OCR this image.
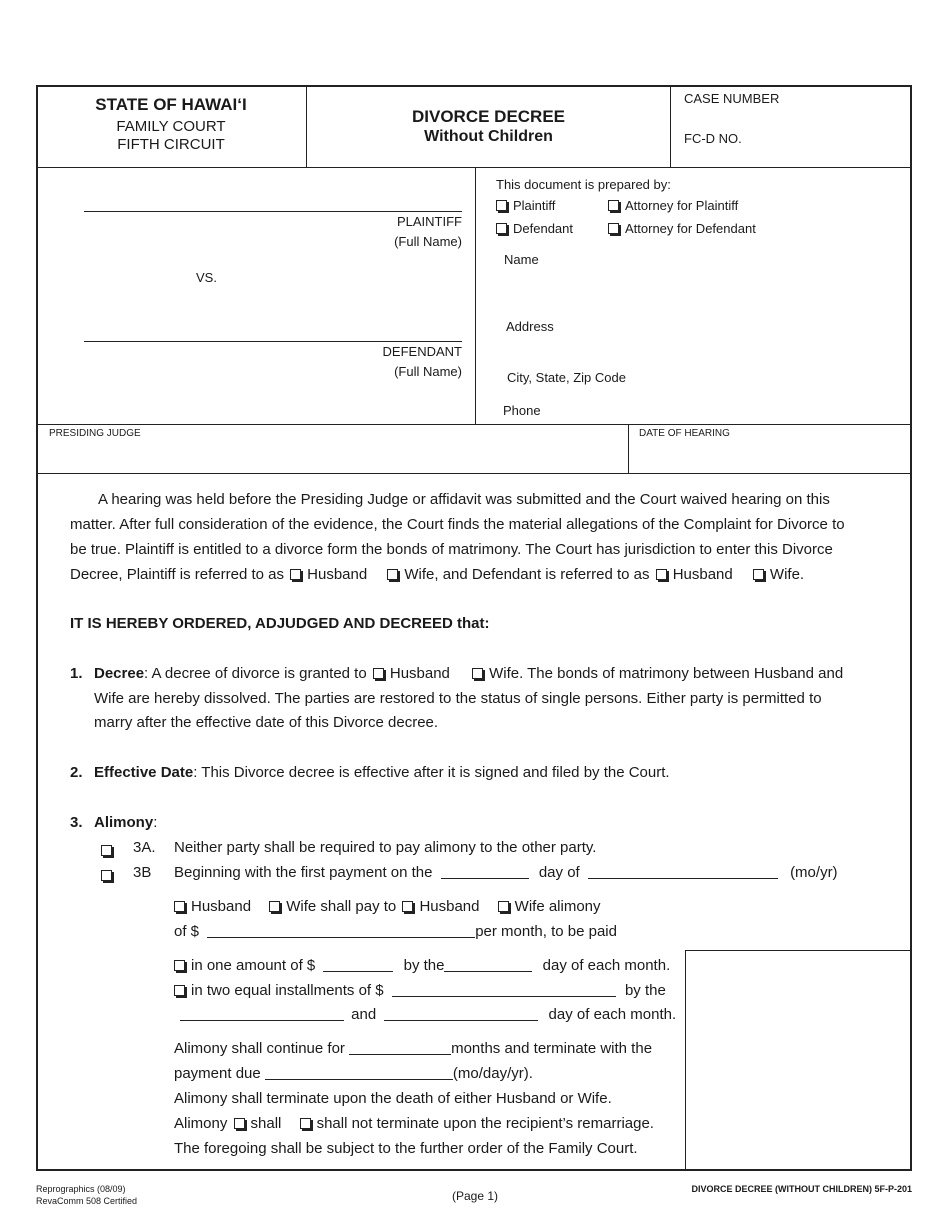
STATE OF HAWAI‘I
FAMILY COURT
FIFTH CIRCUIT
DIVORCE DECREE
Without Children
CASE NUMBER
FC-D NO.
PLAINTIFF
(Full Name)
VS.
DEFENDANT
(Full Name)
This document is prepared by:
Plaintiff	Attorney for Plaintiff
Defendant	Attorney for Defendant
Name
Address
City, State, Zip Code
Phone
PRESIDING JUDGE	DATE OF HEARING
A hearing was held before the Presiding Judge or affidavit was submitted and the Court waived hearing on this
matter. After full consideration of the evidence, the Court finds the material allegations of the Complaint for Divorce to
be true. Plaintiff is entitled to a divorce form the bonds of matrimony. The Court has jurisdiction to enter this Divorce
Decree, Plaintiff is referred to as Husband Wife, and Defendant is referred to as Husband Wife.
IT IS HEREBY ORDERED, ADJUDGED AND DECREED that:
1. Decree: A decree of divorce is granted to Husband	Wife. The bonds of matrimony between Husband and
Wife are hereby dissolved. The parties are restored to the status of single persons. Either party is permitted to
marry after the effective date of this Divorce decree.
2. Effective Date: This Divorce decree is effective after it is signed and filed by the Court.
3. Alimony:
3A. Neither party shall be required to pay alimony to the other party.
3B Beginning with the first payment on the	day of	(mo/yr)
Husband Wife shall pay to Husband Wife alimony
of $	per month, to be paid
in one amount of $	by the	day of each month.
in two equal installments of $	by the
and	day of each month.
Alimony shall continue for	months and terminate with the
payment due	(mo/day/yr).
Alimony shall terminate upon the death of either Husband or Wife.
Alimony shall shall not terminate upon the recipient’s remarriage.
The foregoing shall be subject to the further order of the Family Court.
Reprographics (08/09)
RevaComm 508 Certified	(Page 1)	DIVORCE DECREE (WITHOUT CHILDREN) 5F-P-201
